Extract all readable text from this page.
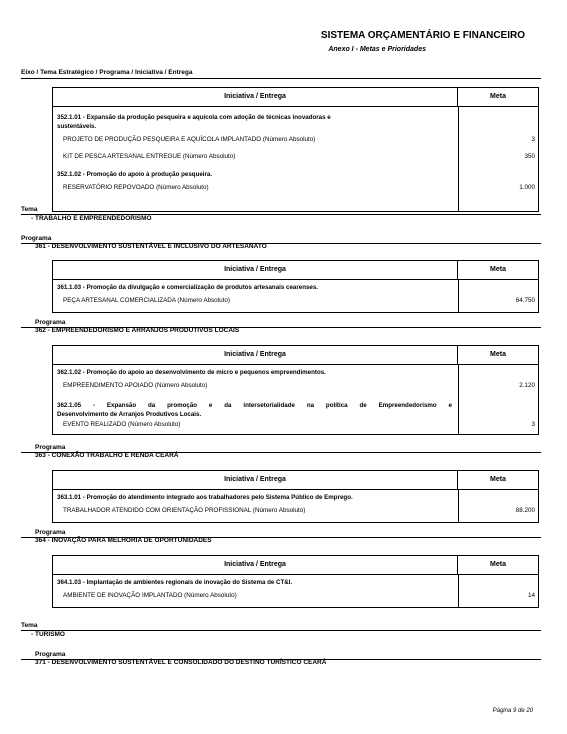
SISTEMA ORÇAMENTÁRIO E FINANCEIRO
Anexo I - Metas e Prioridades
Eixo / Tema Estratégico / Programa / Iniciativa / Entrega
Iniciativa / Entrega	Meta
352.1.01 - Expansão da produção pesqueira e aquícola com adoção de técnicas inovadoras e
sustentáveis.
PROJETO DE PRODUÇÃO PESQUEIRA E AQUÍCOLA IMPLANTADO (Número Absoluto)	3
KIT DE PESCA ARTESANAL ENTREGUE (Número Absoluto)	350
352.1.02 - Promoção do apoio à produção pesqueira.
RESERVATÓRIO REPOVOADO (Número Absoluto)	1.000
Tema
- TRABALHO E EMPREENDEDORISMO
Programa
361 - DESENVOLVIMENTO SUSTENTÁVEL E INCLUSIVO DO ARTESANATO
Iniciativa / Entrega	Meta
361.1.03 - Promoção da divulgação e comercialização de produtos artesanais cearenses.
PEÇA ARTESANAL COMERCIALIZADA (Número Absoluto)	64.750
Programa
362 - EMPREENDEDORISMO E ARRANJOS PRODUTIVOS LOCAIS
Iniciativa / Entrega	Meta
362.1.02 - Promoção do apoio ao desenvolvimento de micro e pequenos empreendimentos.
EMPREENDIMENTO APOIADO (Número Absoluto)	2.120
362.1.05 - Expansão da promoção e da intersetorialidade na política de Empreendedorismo e
Desenvolvimento de Arranjos Produtivos Locais.
EVENTO REALIZADO (Número Absoluto)	3
Programa
363 - CONEXÃO TRABALHO E RENDA CEARÁ
Iniciativa / Entrega	Meta
363.1.01 - Promoção do atendimento integrado aos trabalhadores pelo Sistema Público de Emprego.
TRABALHADOR ATENDIDO COM ORIENTAÇÃO PROFISSIONAL (Número Absoluto)	88.200
Programa
364 - INOVAÇÃO PARA MELHORIA DE OPORTUNIDADES
Iniciativa / Entrega	Meta
364.1.03 - Implantação de ambientes regionais de inovação do Sistema de CT&I.
AMBIENTE DE INOVAÇÃO IMPLANTADO (Número Absoluto)	14
Tema
- TURISMO
Programa
371 - DESENVOLVIMENTO SUSTENTÁVEL E CONSOLIDADO DO DESTINO TURÍSTICO CEARÁ
Página 9 de 20
